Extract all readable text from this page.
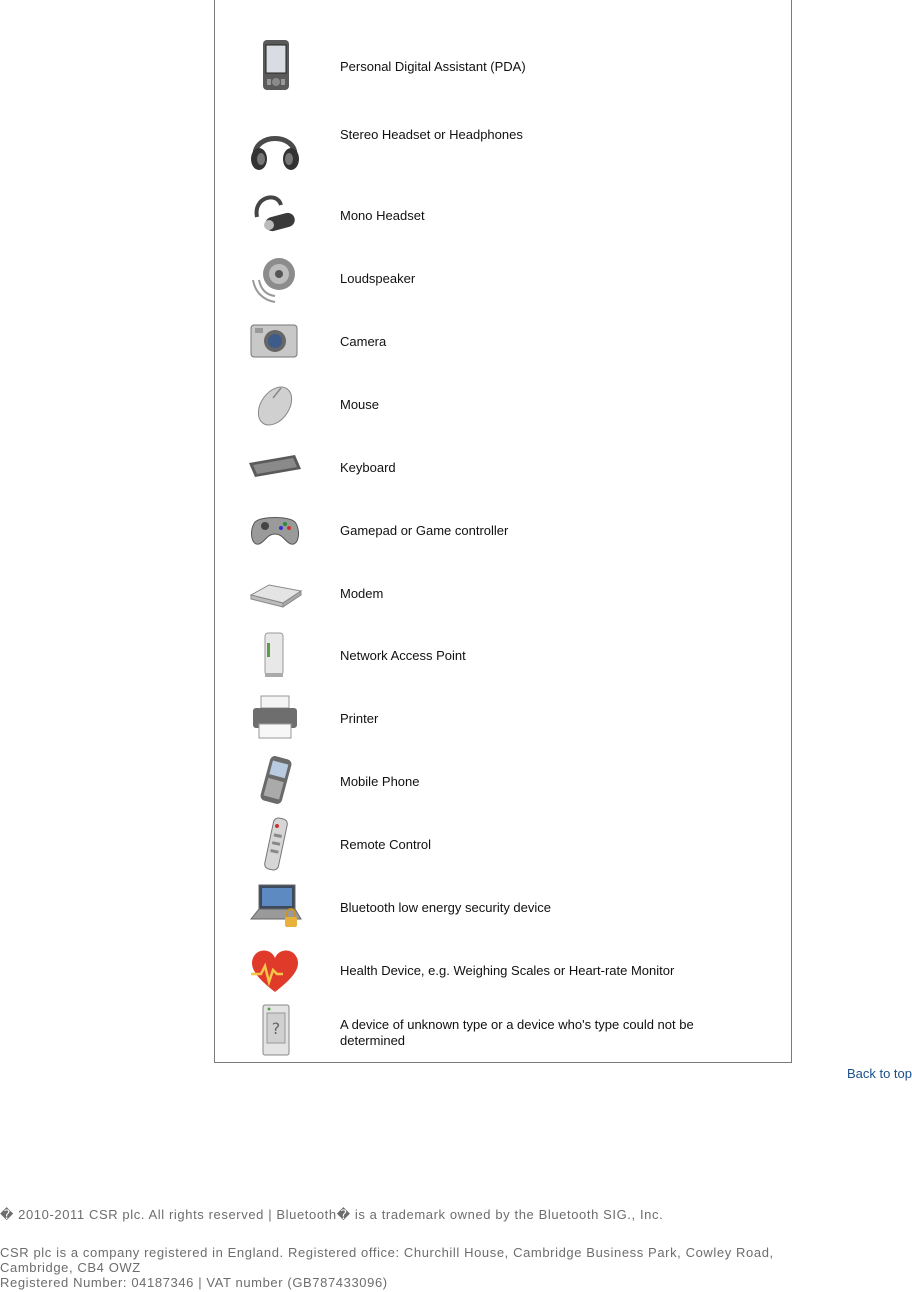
Personal Digital Assistant (PDA)
Stereo Headset or Headphones
Mono Headset
Loudspeaker
Camera
Mouse
Keyboard
Gamepad or Game controller
Modem
Network Access Point
Printer
Mobile Phone
Remote Control
Bluetooth low energy security device
Health Device, e.g. Weighing Scales or Heart-rate Monitor
?	A device of unknown type or a device who's type could not be determined
Back to top
� 2010-2011 CSR plc. All rights reserved | Bluetooth� is a trademark owned by the Bluetooth SIG., Inc.
CSR plc is a company registered in England. Registered office: Churchill House, Cambridge Business Park, Cowley Road,
Cambridge, CB4 OWZ
Registered Number: 04187346 | VAT number (GB787433096)
